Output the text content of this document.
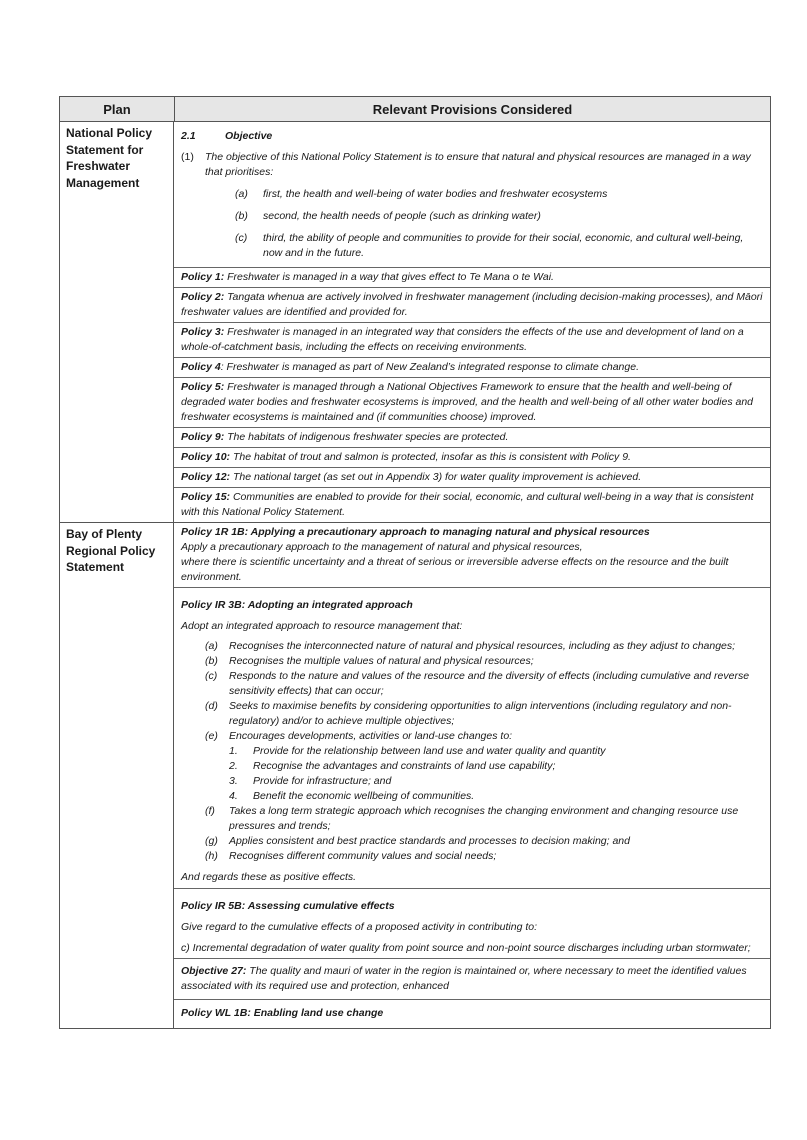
Plan	Relevant Provisions Considered
National Policy Statement for Freshwater Management
2.1	Objective
(1)	The objective of this National Policy Statement is to ensure that natural and physical resources are managed in a way that prioritises:
(a)	first, the health and well-being of water bodies and freshwater ecosystems
(b)	second, the health needs of people (such as drinking water)
(c)	third, the ability of people and communities to provide for their social, economic, and cultural well-being, now and in the future.
Policy 1: Freshwater is managed in a way that gives effect to Te Mana o te Wai.
Policy 2: Tangata whenua are actively involved in freshwater management (including decision-making processes), and Māori freshwater values are identified and provided for.
Policy 3: Freshwater is managed in an integrated way that considers the effects of the use and development of land on a whole-of-catchment basis, including the effects on receiving environments.
Policy 4: Freshwater is managed as part of New Zealand’s integrated response to climate change.
Policy 5: Freshwater is managed through a National Objectives Framework to ensure that the health and well-being of degraded water bodies and freshwater ecosystems is improved, and the health and well-being of all other water bodies and freshwater ecosystems is maintained and (if communities choose) improved.
Policy 9: The habitats of indigenous freshwater species are protected.
Policy 10: The habitat of trout and salmon is protected, insofar as this is consistent with Policy 9.
Policy 12: The national target (as set out in Appendix 3) for water quality improvement is achieved.
Policy 15: Communities are enabled to provide for their social, economic, and cultural well-being in a way that is consistent with this National Policy Statement.
Bay of Plenty Regional Policy Statement
Policy 1R 1B: Applying a precautionary approach to managing natural and physical resources
Apply a precautionary approach to the management of natural and physical resources,
where there is scientific uncertainty and a threat of serious or irreversible adverse effects on the resource and the built environment.
Policy IR 3B: Adopting an integrated approach
Adopt an integrated approach to resource management that:
(a)	Recognises the interconnected nature of natural and physical resources, including as they adjust to changes;
(b)	Recognises the multiple values of natural and physical resources;
(c)	Responds to the nature and values of the resource and the diversity of effects (including cumulative and reverse sensitivity effects) that can occur;
(d)	Seeks to maximise benefits by considering opportunities to align interventions (including regulatory and non-regulatory) and/or to achieve multiple objectives;
(e)	Encourages developments, activities or land-use changes to:
1.	Provide for the relationship between land use and water quality and quantity
2.	Recognise the advantages and constraints of land use capability;
3.	Provide for infrastructure; and
4.	Benefit the economic wellbeing of communities.
(f)	Takes a long term strategic approach which recognises the changing environment and changing resource use pressures and trends;
(g)	Applies consistent and best practice standards and processes to decision making; and
(h)	Recognises different community values and social needs;
And regards these as positive effects.
Policy IR 5B: Assessing cumulative effects
Give regard to the cumulative effects of a proposed activity in contributing to:
c) Incremental degradation of water quality from point source and non-point source discharges including urban stormwater;
Objective 27: The quality and mauri of water in the region is maintained or, where necessary to meet the identified values associated with its required use and protection, enhanced
Policy WL 1B: Enabling land use change
